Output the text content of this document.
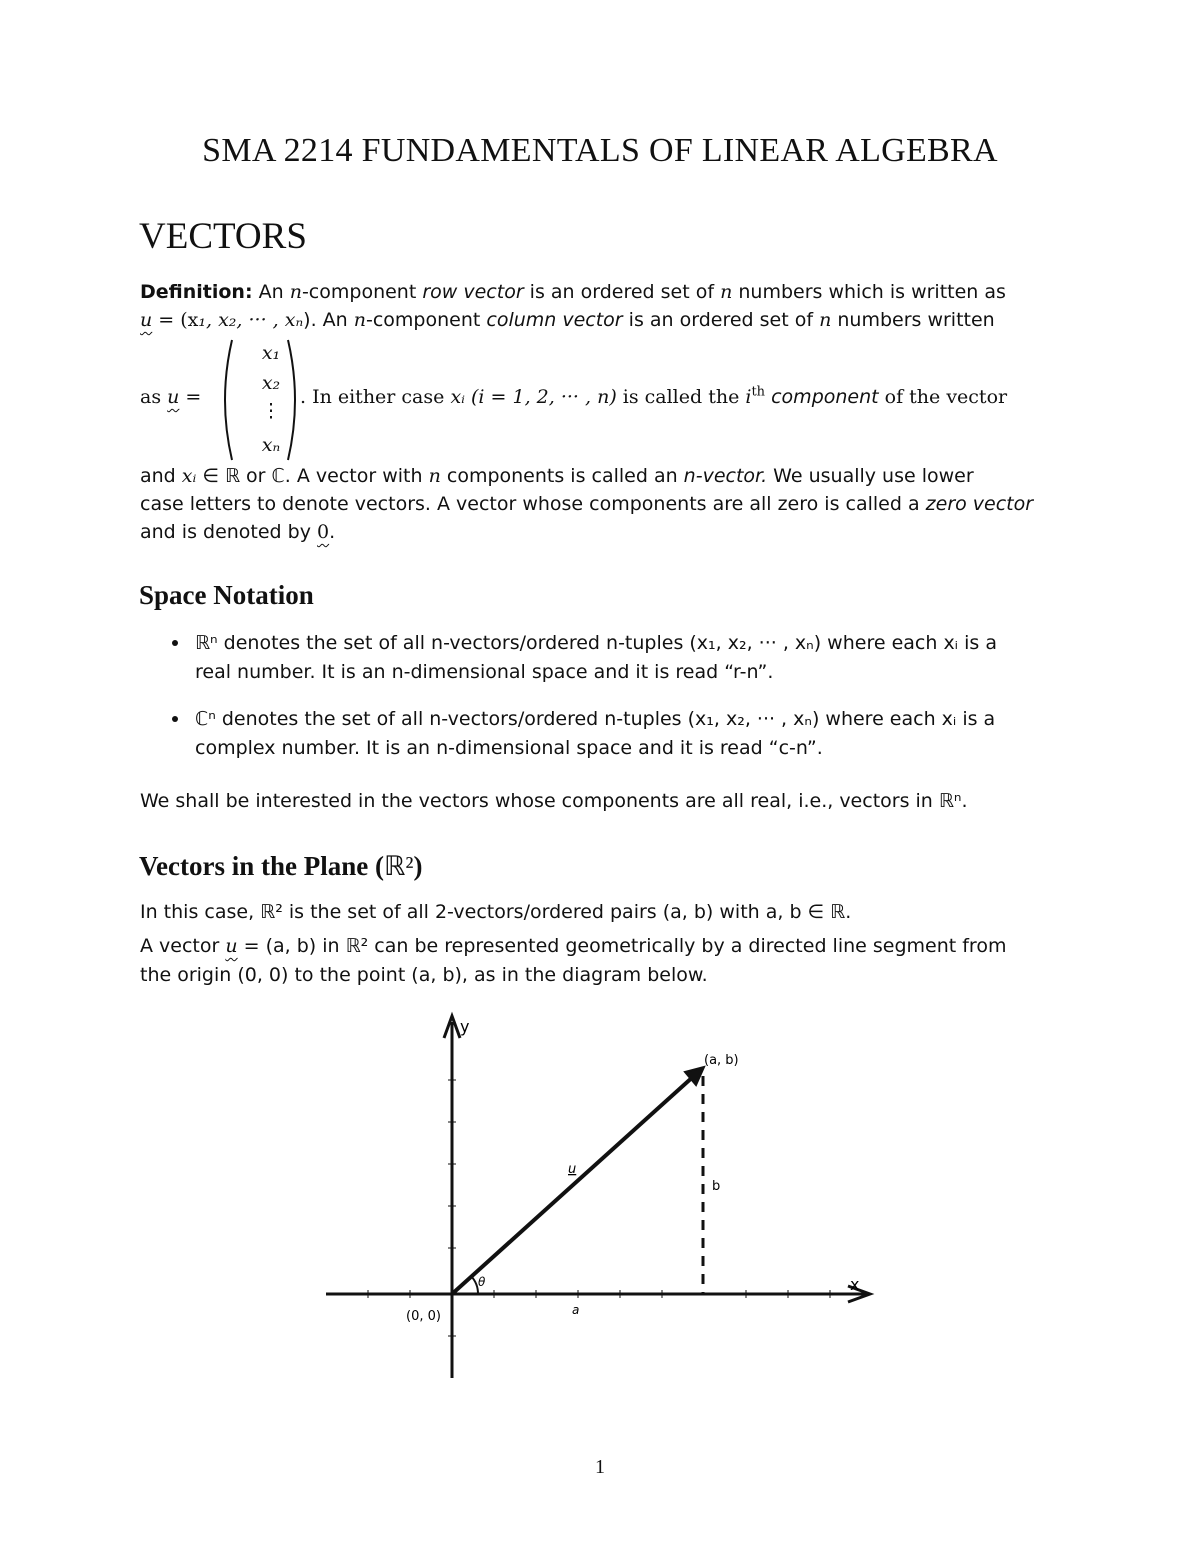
SMA 2214 FUNDAMENTALS OF LINEAR ALGEBRA
VECTORS
Definition: An n-component row vector is an ordered set of n numbers which is written as
u = (x₁, x₂, ··· , xₙ). An n-component column vector is an ordered set of n numbers written
as u =
x₁
x₂
⋮
xₙ
. In either case xᵢ (i = 1, 2, ··· , n) is called the $i^{th}$ component of the vector
and xᵢ ∈ ℝ or ℂ. A vector with n components is called an n-vector. We usually use lower
case letters to denote vectors. A vector whose components are all zero is called a zero vector
and is denoted by 0.
Space Notation
ℝⁿ denotes the set of all n-vectors/ordered n-tuples (x₁, x₂, ··· , xₙ) where each xᵢ is a
real number. It is an n-dimensional space and it is read “r-n”.
ℂⁿ denotes the set of all n-vectors/ordered n-tuples (x₁, x₂, ··· , xₙ) where each xᵢ is a
complex number. It is an n-dimensional space and it is read “c-n”.
We shall be interested in the vectors whose components are all real, i.e., vectors in ℝⁿ.
Vectors in the Plane (ℝ²)
In this case, ℝ² is the set of all 2-vectors/ordered pairs (a, b) with a, b ∈ ℝ.
A vector u = (a, b) in ℝ² can be represented geometrically by a directed line segment from
the origin (0, 0) to the point (a, b), as in the diagram below.
y
x
(a, b)
(0, 0)
u
b
a
θ
1
